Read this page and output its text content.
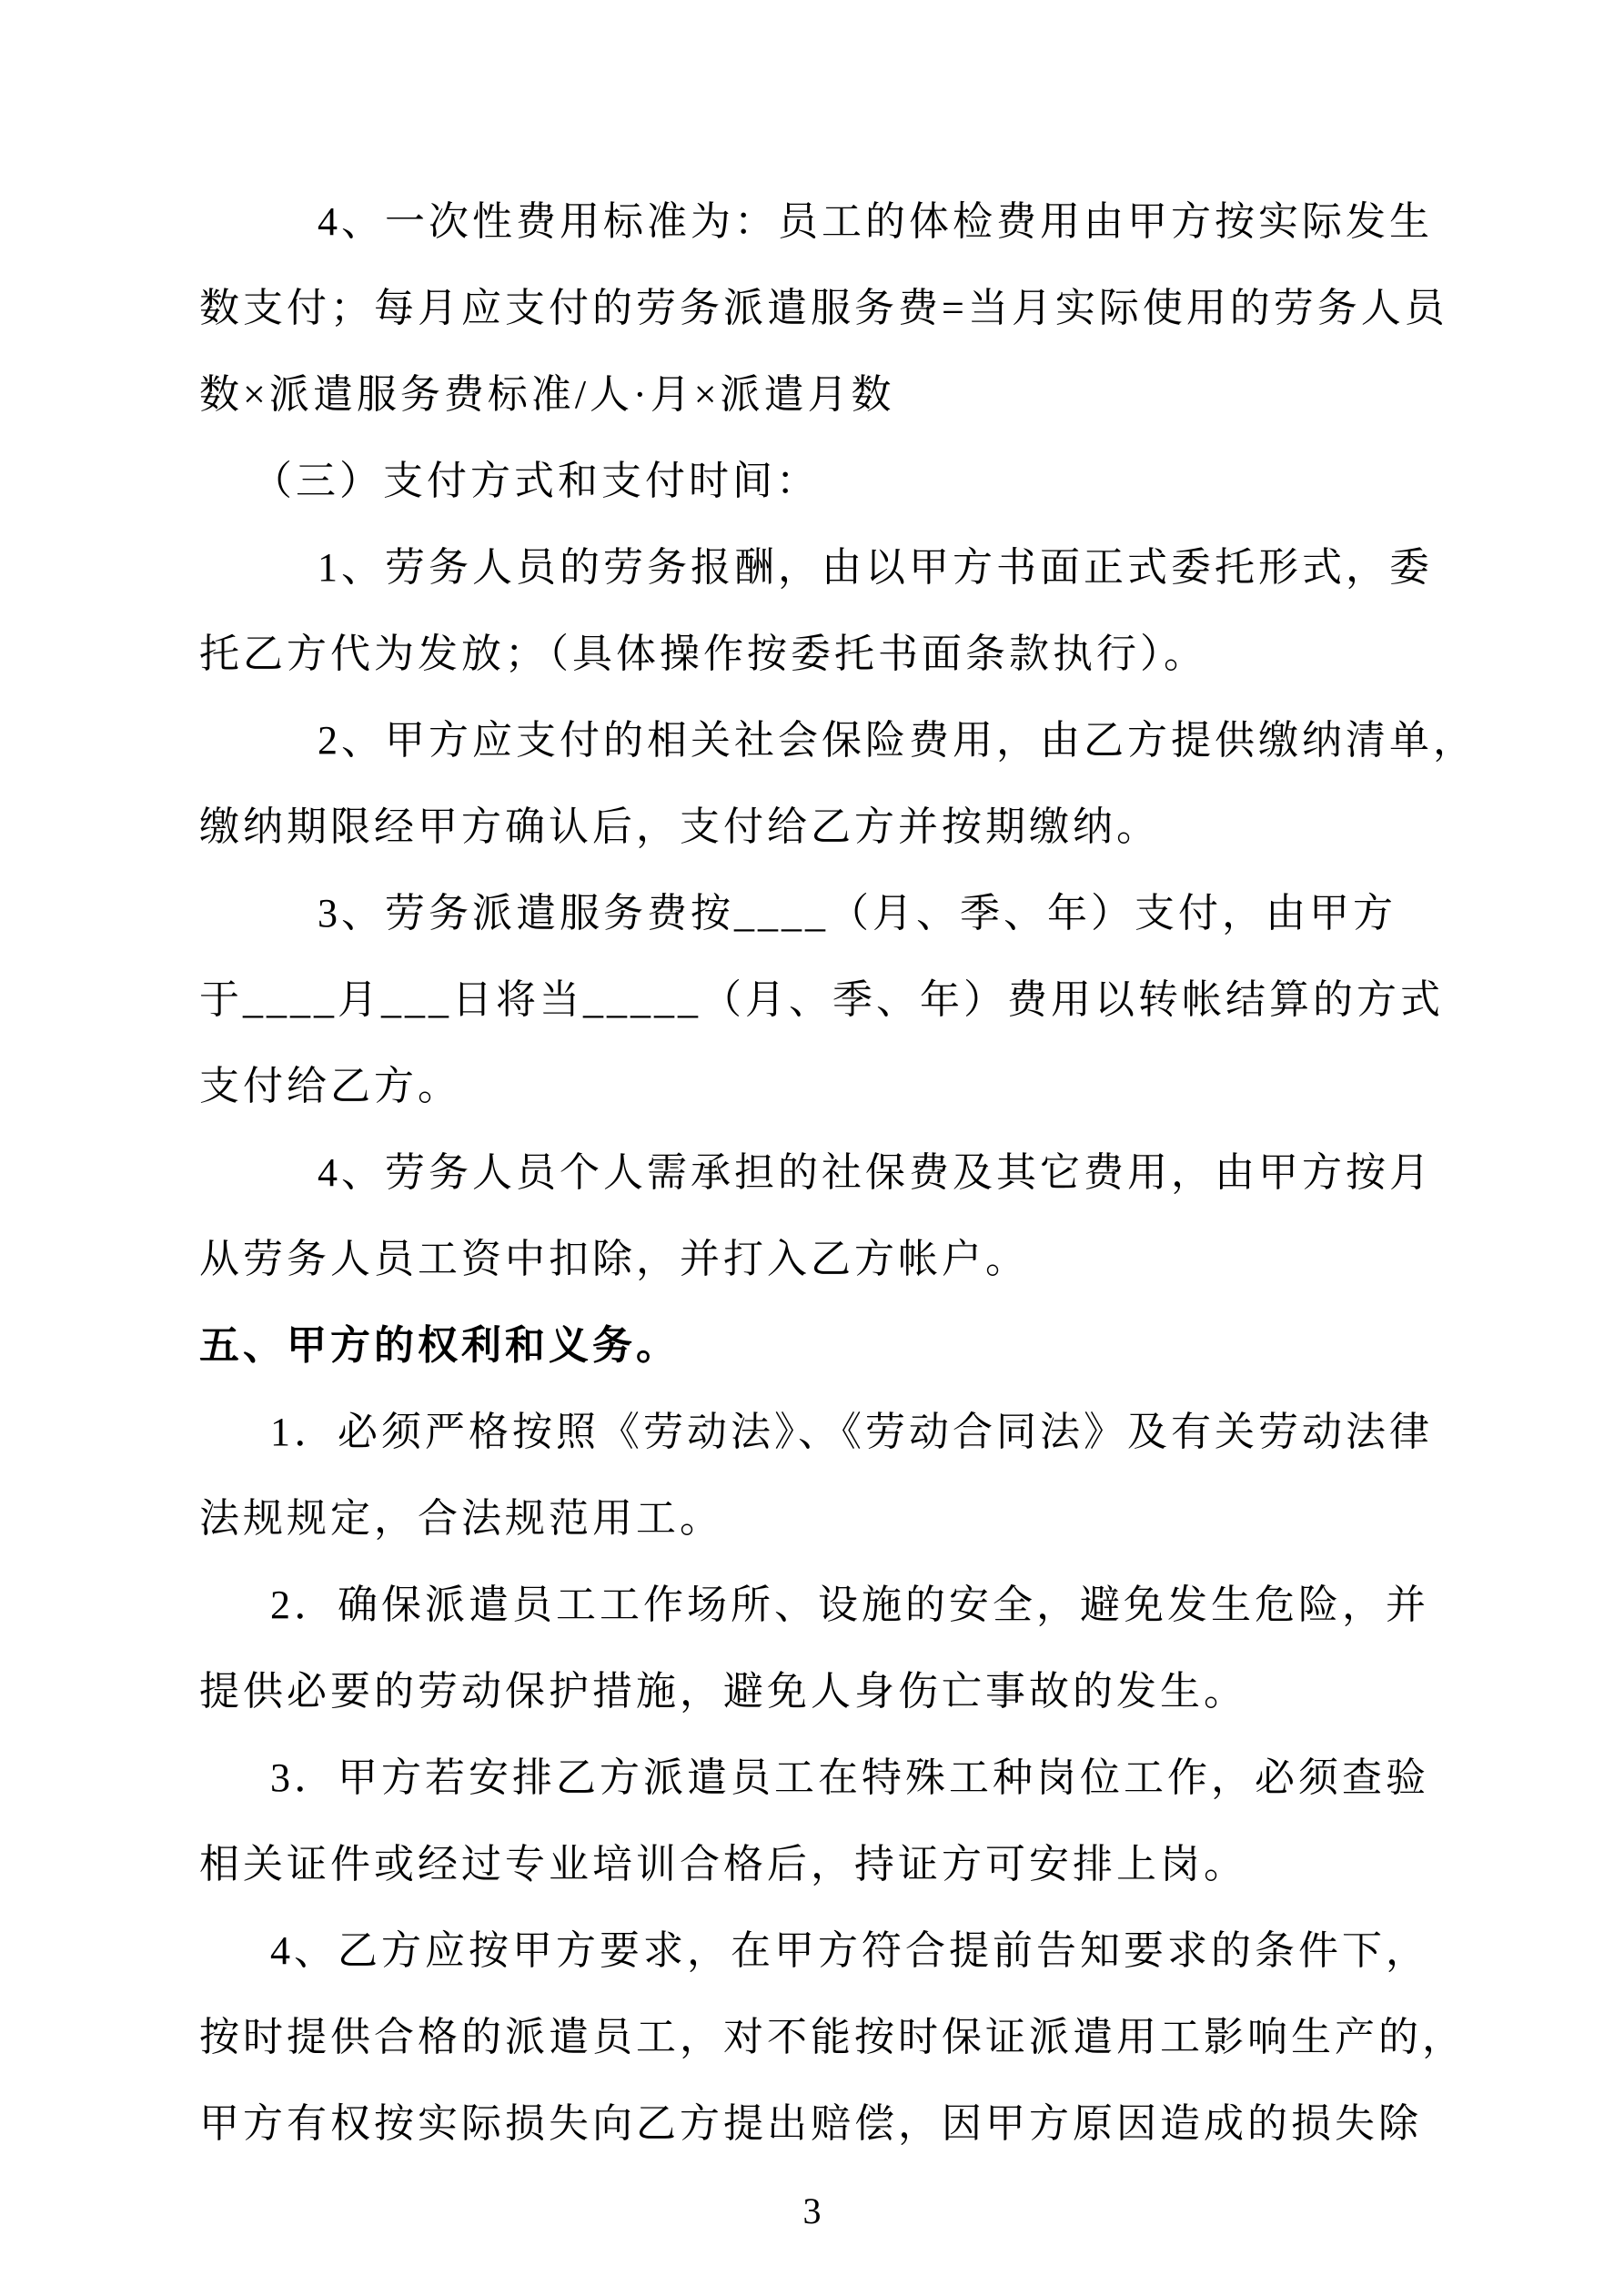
4、一次性费用标准为：员工的体检费用由甲方按实际发生
数支付；每月应支付的劳务派遣服务费=当月实际使用的劳务人员
数×派遣服务费标准/人·月×派遣月数
（三）支付方式和支付时间：
1、劳务人员的劳务报酬，由以甲方书面正式委托形式，委
托乙方代为发放；（具体操作按委托书面条款执行）。
2、甲方应支付的相关社会保险费用，由乙方提供缴纳清单，
缴纳期限经甲方确认后，支付给乙方并按期缴纳。
3、劳务派遣服务费按____（月、季、年）支付，由甲方
于____月___日将当_____（月、季、年）费用以转帐结算的方式
支付给乙方。
4、劳务人员个人需承担的社保费及其它费用，由甲方按月
从劳务人员工资中扣除，并打入乙方帐户。
五、甲方的权利和义务。
1．必须严格按照《劳动法》、《劳动合同法》及有关劳动法律
法规规定，合法规范用工。
2．确保派遣员工工作场所、设施的安全，避免发生危险，并
提供必要的劳动保护措施，避免人身伤亡事故的发生。
3．甲方若安排乙方派遣员工在特殊工种岗位工作，必须查验
相关证件或经过专业培训合格后，持证方可安排上岗。
4、乙方应按甲方要求，在甲方符合提前告知要求的条件下，
按时提供合格的派遣员工，对不能按时保证派遣用工影响生产的，
甲方有权按实际损失向乙方提出赔偿，因甲方原因造成的损失除
3
